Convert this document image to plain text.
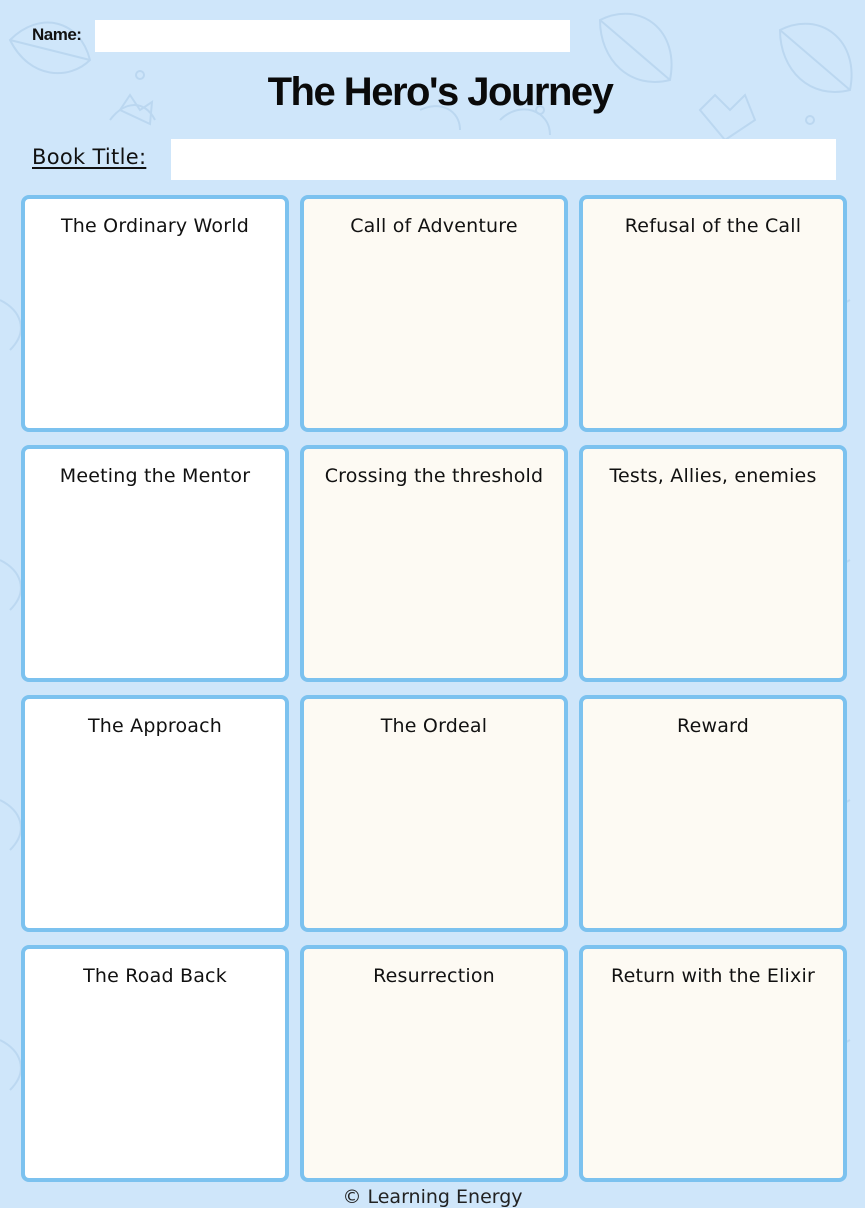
Name:
The Hero's Journey
Book Title:
The Ordinary World	Call of Adventure	Refusal of the Call
Meeting the Mentor	Crossing the threshold	Tests, Allies, enemies
The Approach	The Ordeal	Reward
The Road Back	Resurrection	Return with the Elixir
© Learning Energy
